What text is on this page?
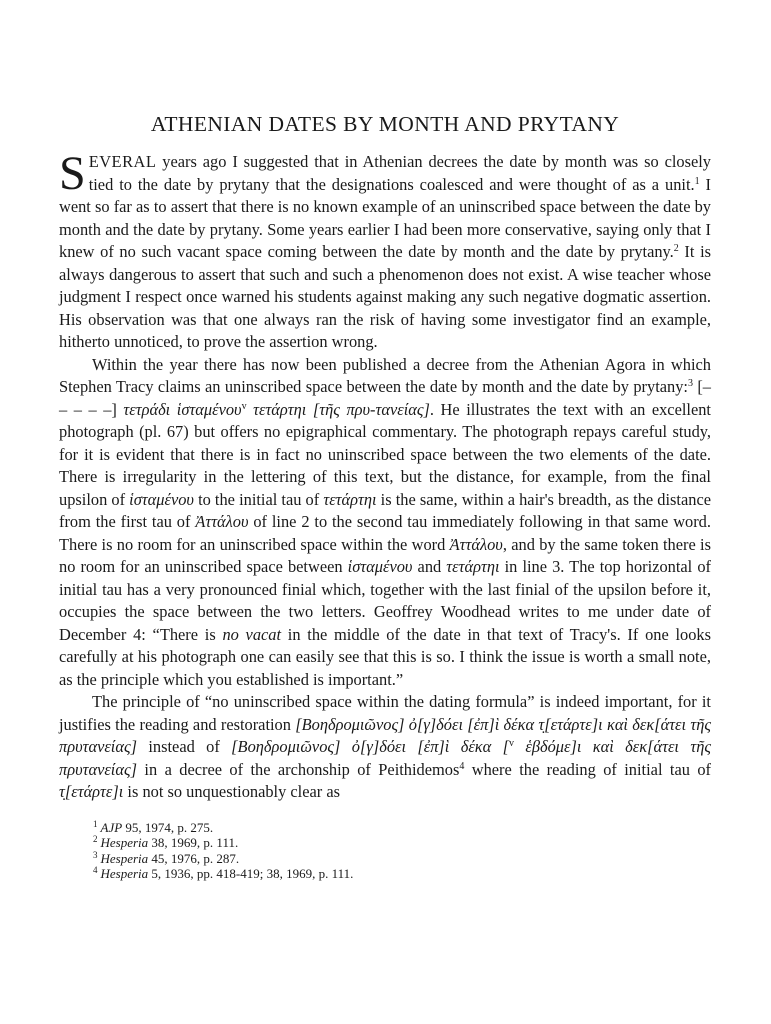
ATHENIAN DATES BY MONTH AND PRYTANY

SEVERAL years ago I suggested that in Athenian decrees the date by month was so closely tied to the date by prytany that the designations coalesced and were thought of as a unit.$^1$ I went so far as to assert that there is no known example of an uninscribed space between the date by month and the date by prytany. Some years earlier I had been more conservative, saying only that I knew of no such vacant space coming between the date by month and the date by prytany.$^2$ It is always dangerous to assert that such and such a phenomenon does not exist. A wise teacher whose judgment I respect once warned his students against making any such negative dogmatic assertion. His observation was that one always ran the risk of having some investigator find an example, hitherto unnoticed, to prove the assertion wrong.

Within the year there has now been published a decree from the Athenian Agora in which Stephen Tracy claims an uninscribed space between the date by month and the date by prytany:$^3$ [– – – – –] τετράδι ἱσταμένου$^v$ τετάρτηι [τῆς πρυ-τανείας]. He illustrates the text with an excellent photograph (pl. 67) but offers no epigraphical commentary. The photograph repays careful study, for it is evident that there is in fact no uninscribed space between the two elements of the date. There is irregularity in the lettering of this text, but the distance, for example, from the final upsilon of ἱσταμένου to the initial tau of τετάρτηι is the same, within a hair's breadth, as the distance from the first tau of Ἀττάλου of line 2 to the second tau immediately following in that same word. There is no room for an uninscribed space within the word Ἀττάλου, and by the same token there is no room for an uninscribed space between ἱσταμένου and τετάρτηι in line 3. The top horizontal of initial tau has a very pronounced finial which, together with the last finial of the upsilon before it, occupies the space between the two letters. Geoffrey Woodhead writes to me under date of December 4: “There is no vacat in the middle of the date in that text of Tracy's. If one looks carefully at his photograph one can easily see that this is so. I think the issue is worth a small note, as the principle which you established is important.”

The principle of “no uninscribed space within the dating formula” is indeed important, for it justifies the reading and restoration [Βοηδρομιῶνος] ὀ[γ]δόει [ἐπ]ὶ δέκα τ̣[ετάρτε]ι καὶ δεκ[άτει τῆς πρυτανείας] instead of [Βοηδρομιῶνος] ὀ[γ]δόει [ἐπ]ὶ δέκα [$^v$ ἑβδόμε]ι καὶ δεκ[άτει τῆς πρυτανείας] in a decree of the archonship of Peithidemos$^4$ where the reading of initial tau of τ̣[ετάρτε]ι is not so unquestionably clear as

$^1$ AJP 95, 1974, p. 275.
$^2$ Hesperia 38, 1969, p. 111.
$^3$ Hesperia 45, 1976, p. 287.
$^4$ Hesperia 5, 1936, pp. 418-419; 38, 1969, p. 111.
